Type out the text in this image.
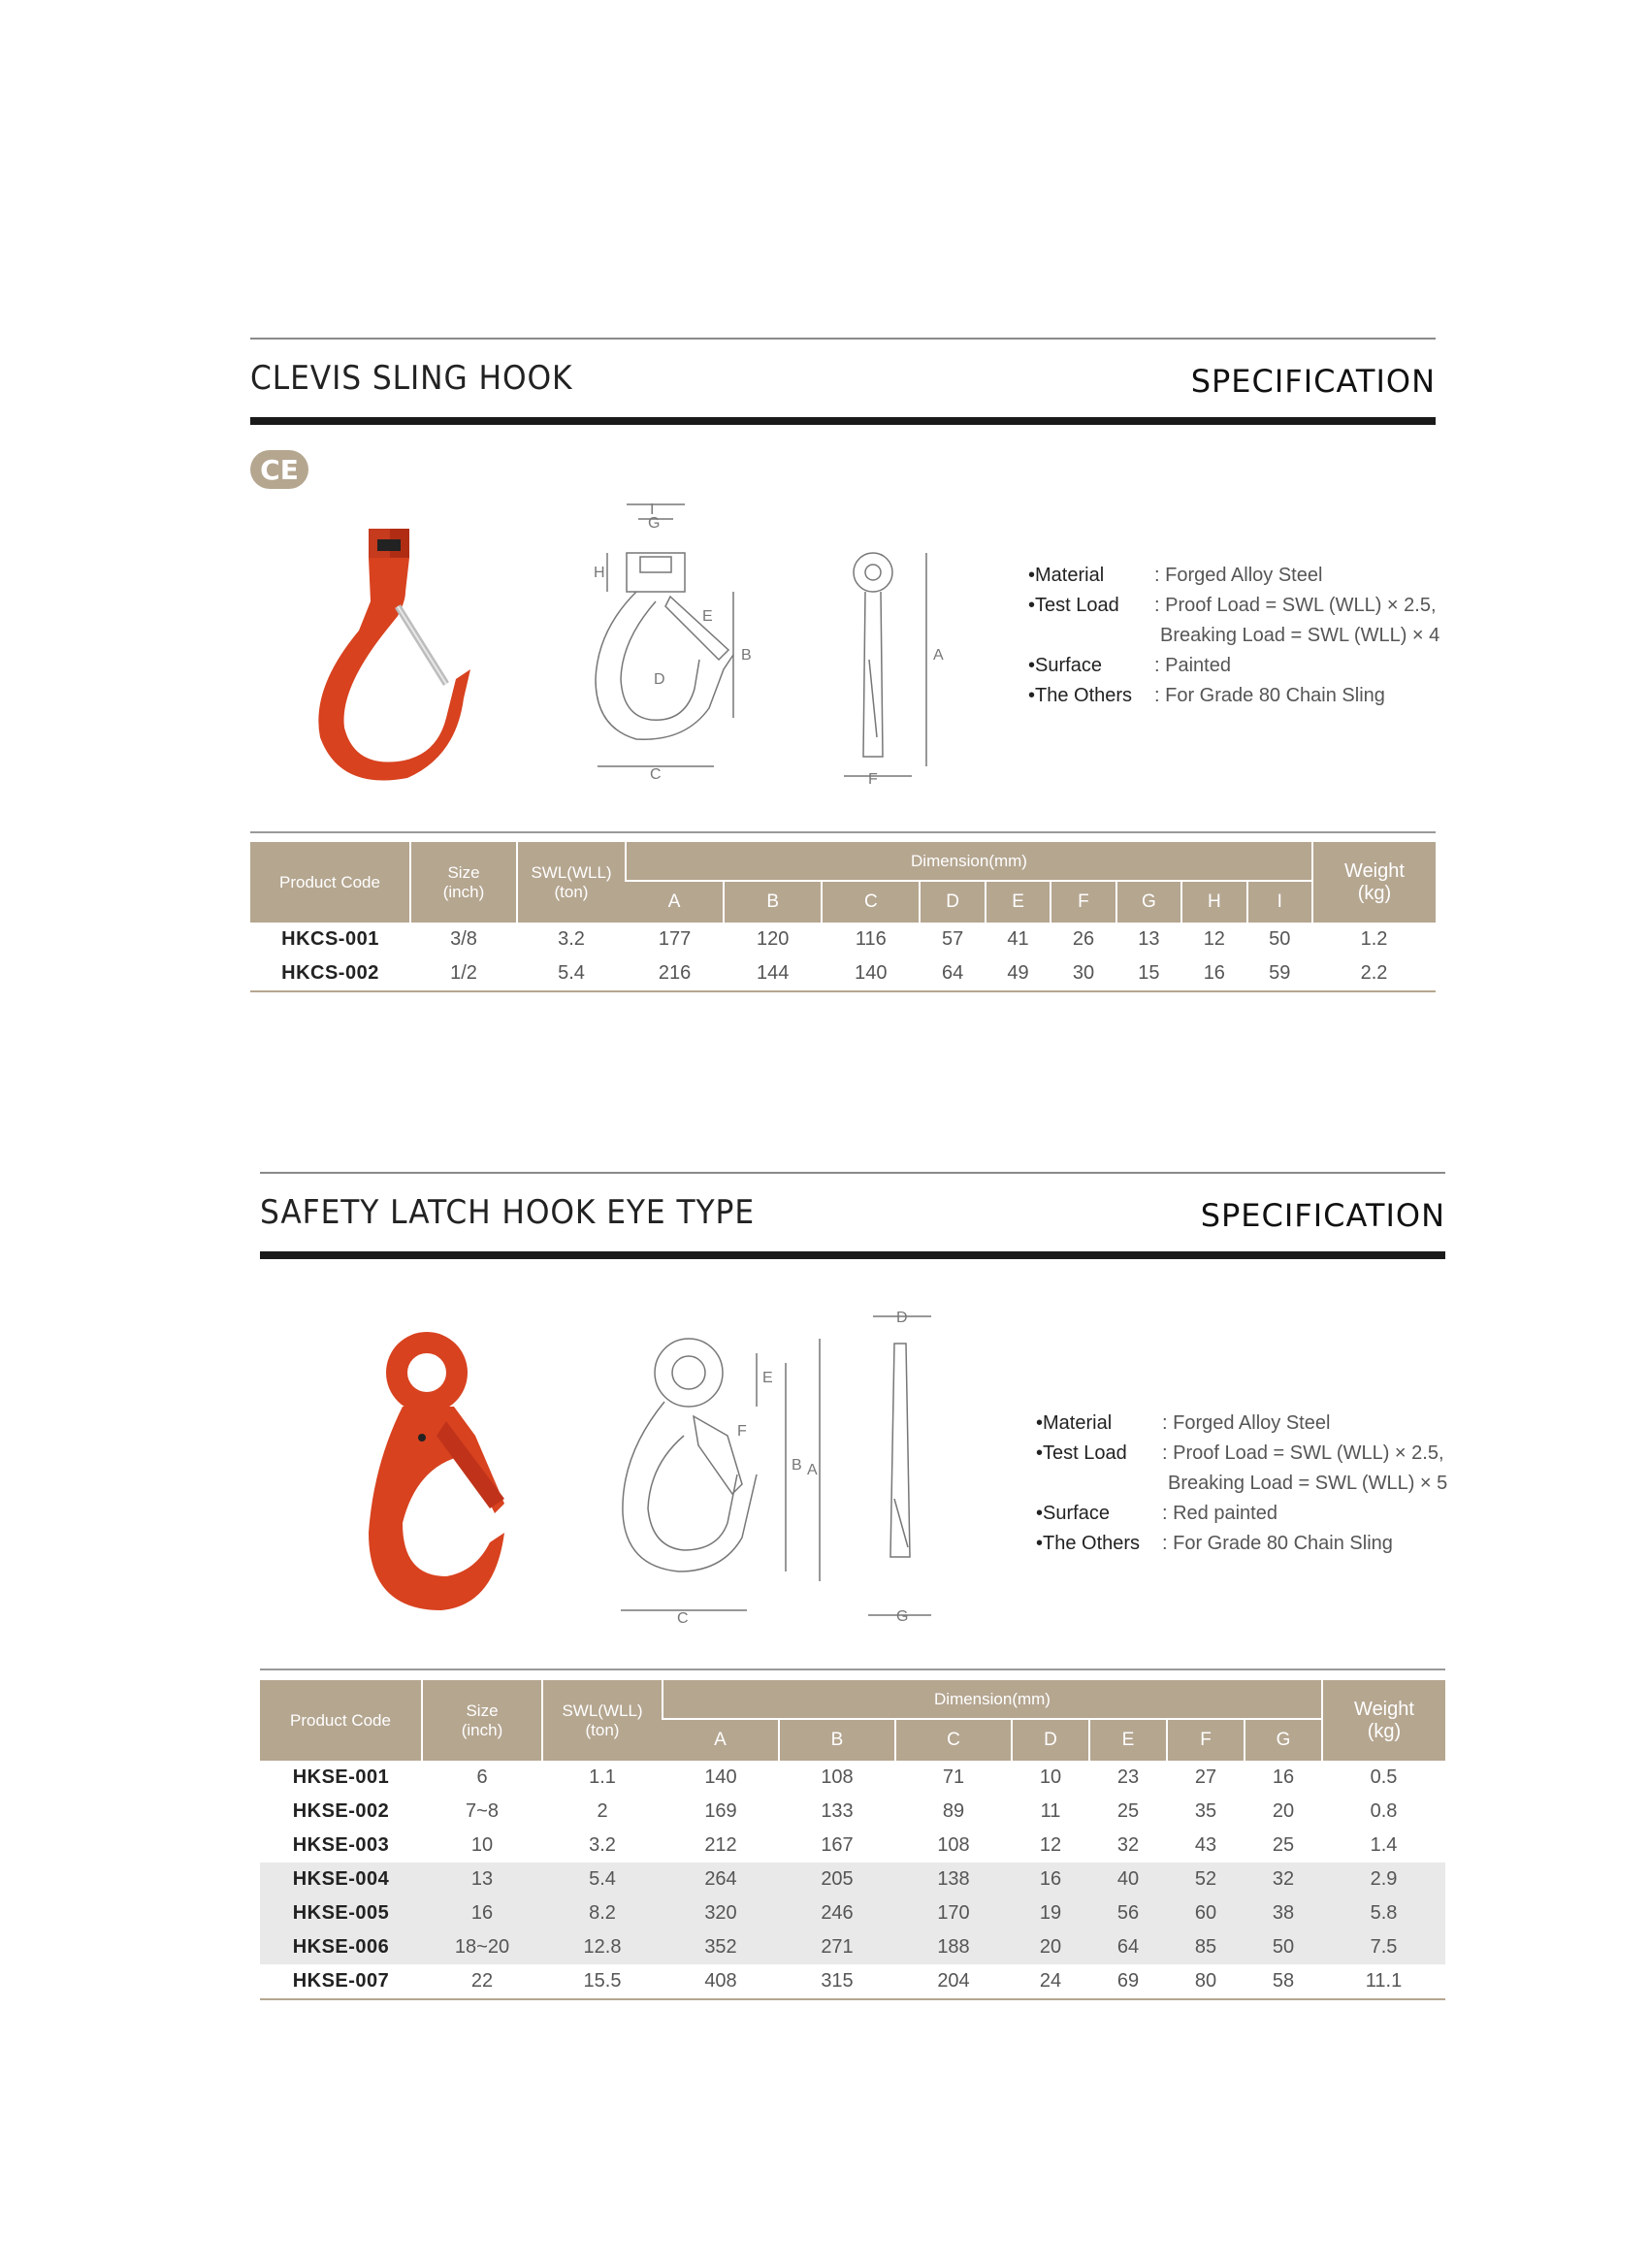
CLEVIS SLING HOOK	SPECIFICATION
CE
I
G
H
E
D
B
C
A
F
• Material	: Forged Alloy Steel
• Test Load	: Proof Load = SWL (WLL) × 2.5,
Breaking Load = SWL (WLL) × 4
• Surface	: Painted
• The Others	: For Grade 80 Chain Sling
Product Code	Size
(inch)	SWL(WLL)
(ton)	Dimension(mm)									Weight
(kg)
			A	B	C	D	E	F	G	H	I	
HKCS-001	3/8	3.2	177	120	116	57	41	26	13	12	50	1.2
HKCS-002	1/2	5.4	216	144	140	64	49	30	15	16	59	2.2
SAFETY LATCH HOOK EYE TYPE	SPECIFICATION
E
F
B A
C
D
G
• Material	: Forged Alloy Steel
• Test Load	: Proof Load = SWL (WLL) × 2.5,
Breaking Load = SWL (WLL) × 5
• Surface	: Red painted
• The Others	: For Grade 80 Chain Sling
Product Code	Size
(inch)	SWL(WLL)
(ton)	Dimension(mm)							Weight
(kg)
			A	B	C	D	E	F	G	
HKSE-001	6	1.1	140	108	71	10	23	27	16	0.5
HKSE-002	7~8	2	169	133	89	11	25	35	20	0.8
HKSE-003	10	3.2	212	167	108	12	32	43	25	1.4
HKSE-004	13	5.4	264	205	138	16	40	52	32	2.9
HKSE-005	16	8.2	320	246	170	19	56	60	38	5.8
HKSE-006	18~20	12.8	352	271	188	20	64	85	50	7.5
HKSE-007	22	15.5	408	315	204	24	69	80	58	11.1
